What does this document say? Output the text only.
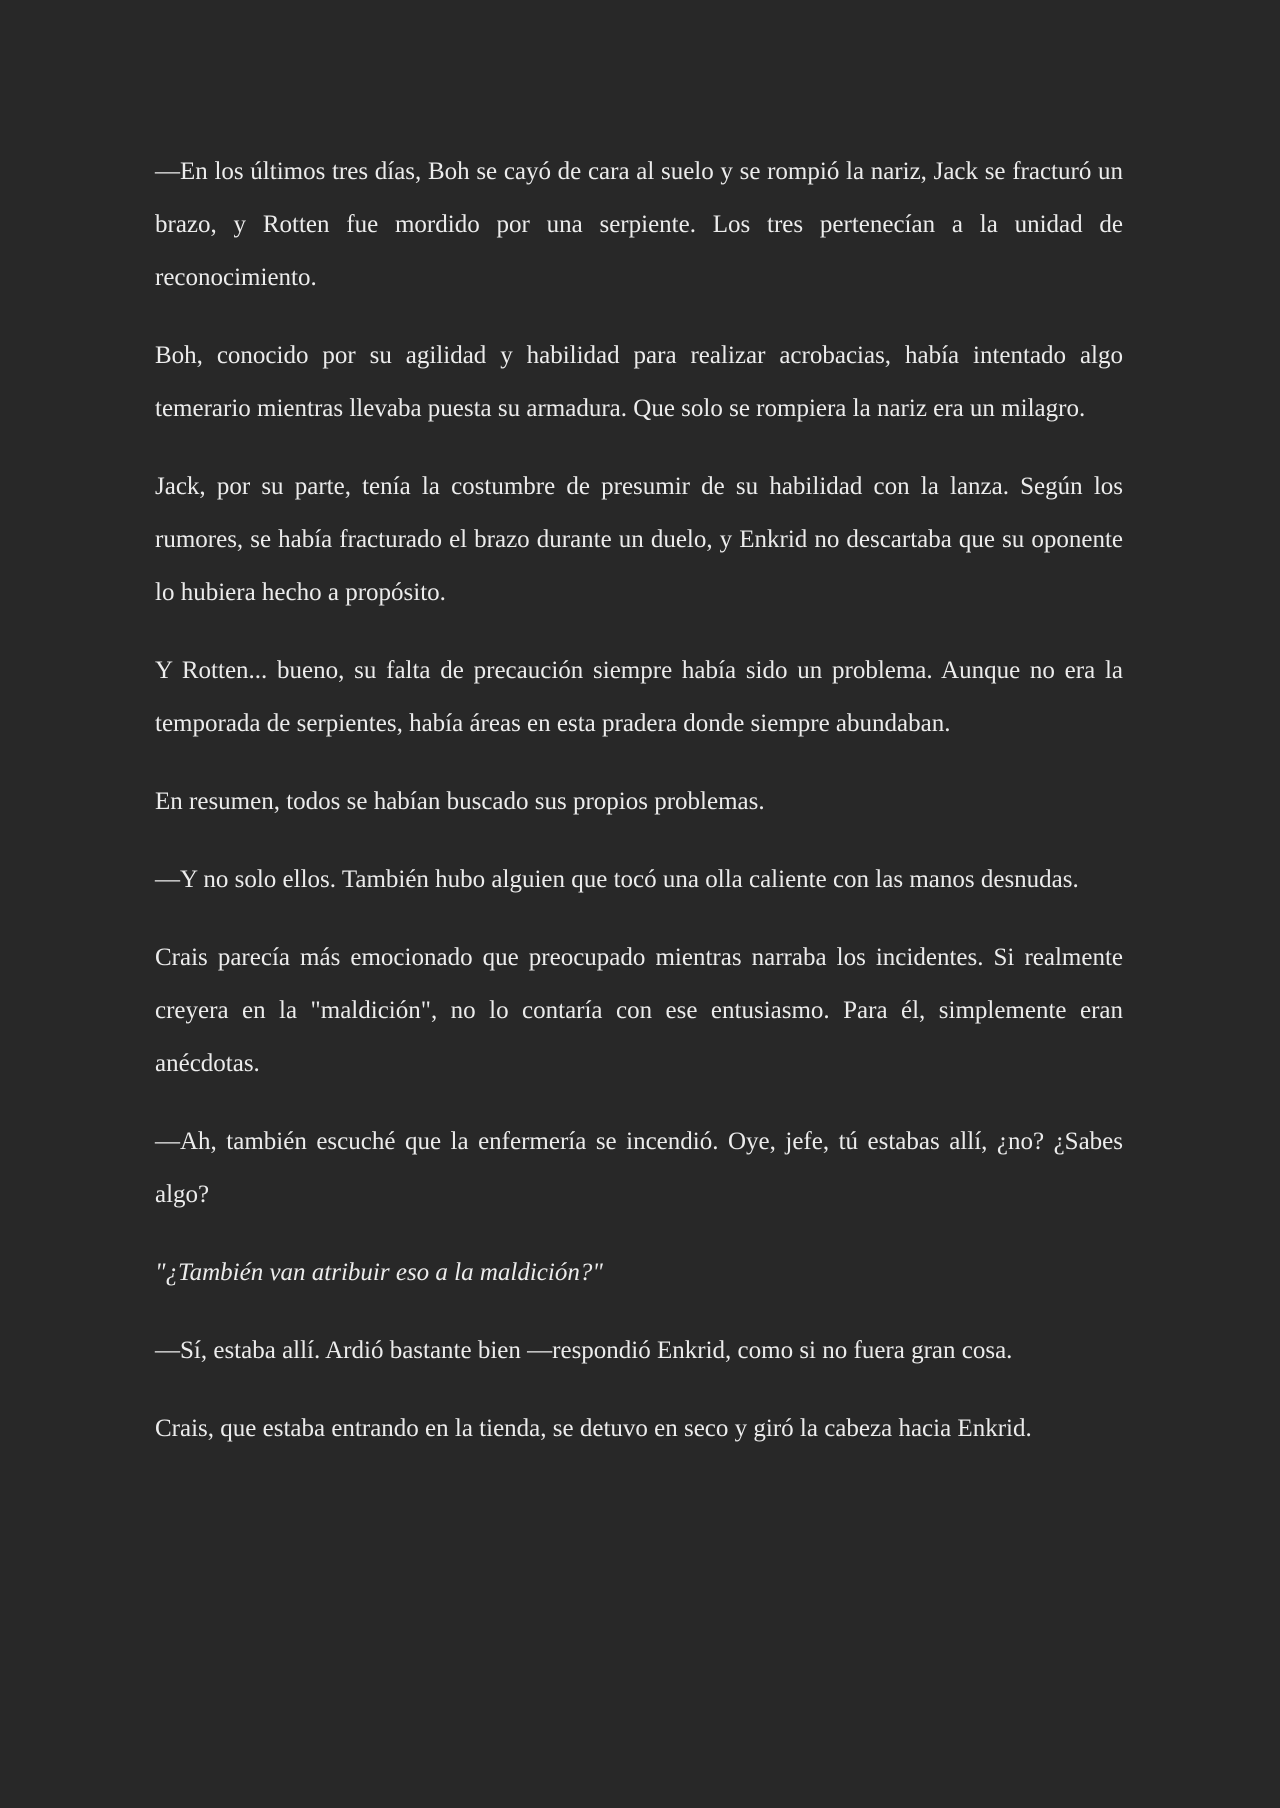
—En los últimos tres días, Boh se cayó de cara al suelo y se rompió la nariz, Jack se fracturó un brazo, y Rotten fue mordido por una serpiente. Los tres pertenecían a la unidad de reconocimiento.

Boh, conocido por su agilidad y habilidad para realizar acrobacias, había intentado algo temerario mientras llevaba puesta su armadura. Que solo se rompiera la nariz era un milagro.

Jack, por su parte, tenía la costumbre de presumir de su habilidad con la lanza. Según los rumores, se había fracturado el brazo durante un duelo, y Enkrid no descartaba que su oponente lo hubiera hecho a propósito.

Y Rotten... bueno, su falta de precaución siempre había sido un problema. Aunque no era la temporada de serpientes, había áreas en esta pradera donde siempre abundaban.

En resumen, todos se habían buscado sus propios problemas.

—Y no solo ellos. También hubo alguien que tocó una olla caliente con las manos desnudas.

Crais parecía más emocionado que preocupado mientras narraba los incidentes. Si realmente creyera en la "maldición", no lo contaría con ese entusiasmo. Para él, simplemente eran anécdotas.

—Ah, también escuché que la enfermería se incendió. Oye, jefe, tú estabas allí, ¿no? ¿Sabes algo?

"¿También van atribuir eso a la maldición?"

—Sí, estaba allí. Ardió bastante bien —respondió Enkrid, como si no fuera gran cosa.

Crais, que estaba entrando en la tienda, se detuvo en seco y giró la cabeza hacia Enkrid.
